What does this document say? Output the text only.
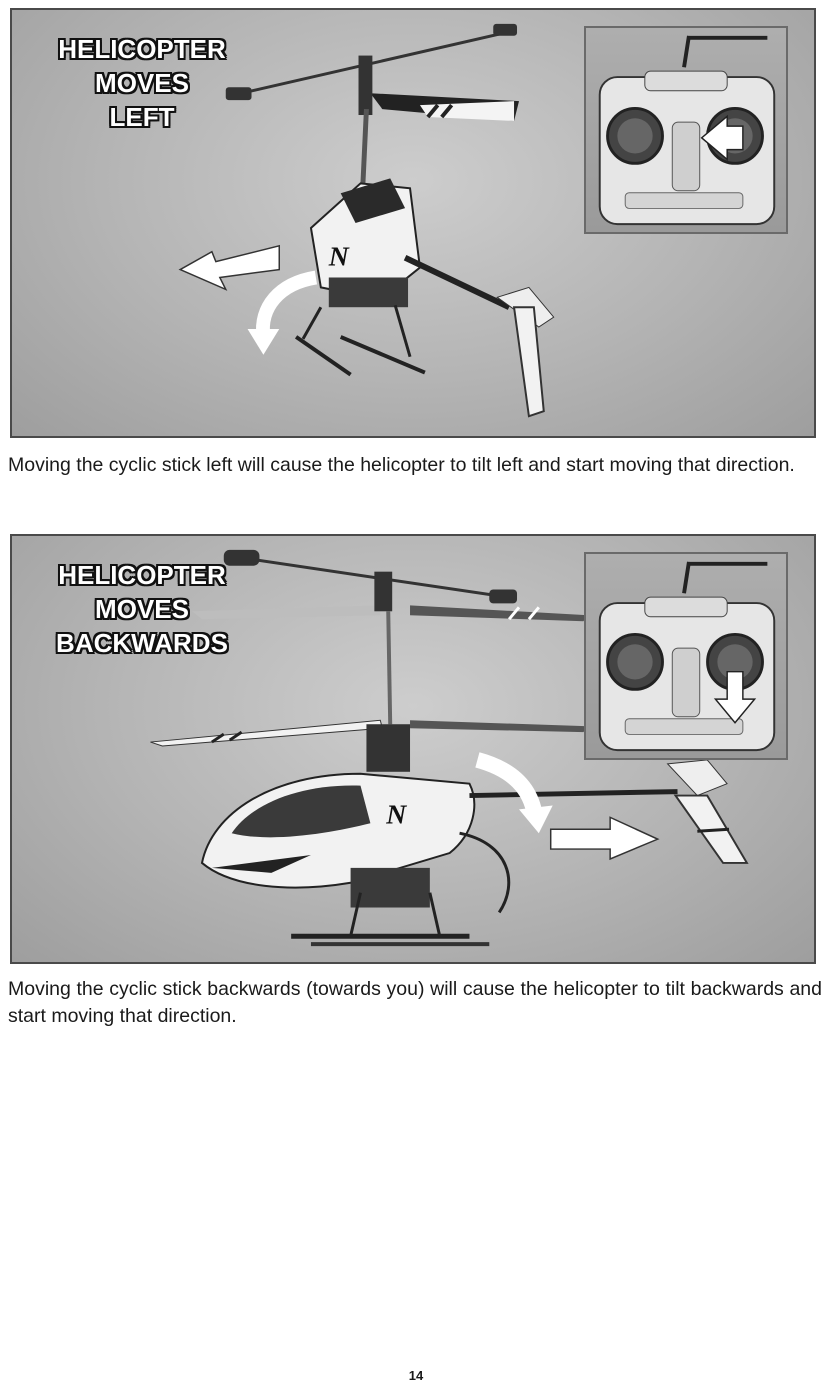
N
HELICOPTER
MOVES
LEFT
Moving the cyclic stick left will cause the helicopter to tilt left and start moving that direction.
N
HELICOPTER
MOVES
BACKWARDS
Moving the cyclic stick backwards (towards you) will cause the helicopter to tilt backwards and start moving that direction.
14
